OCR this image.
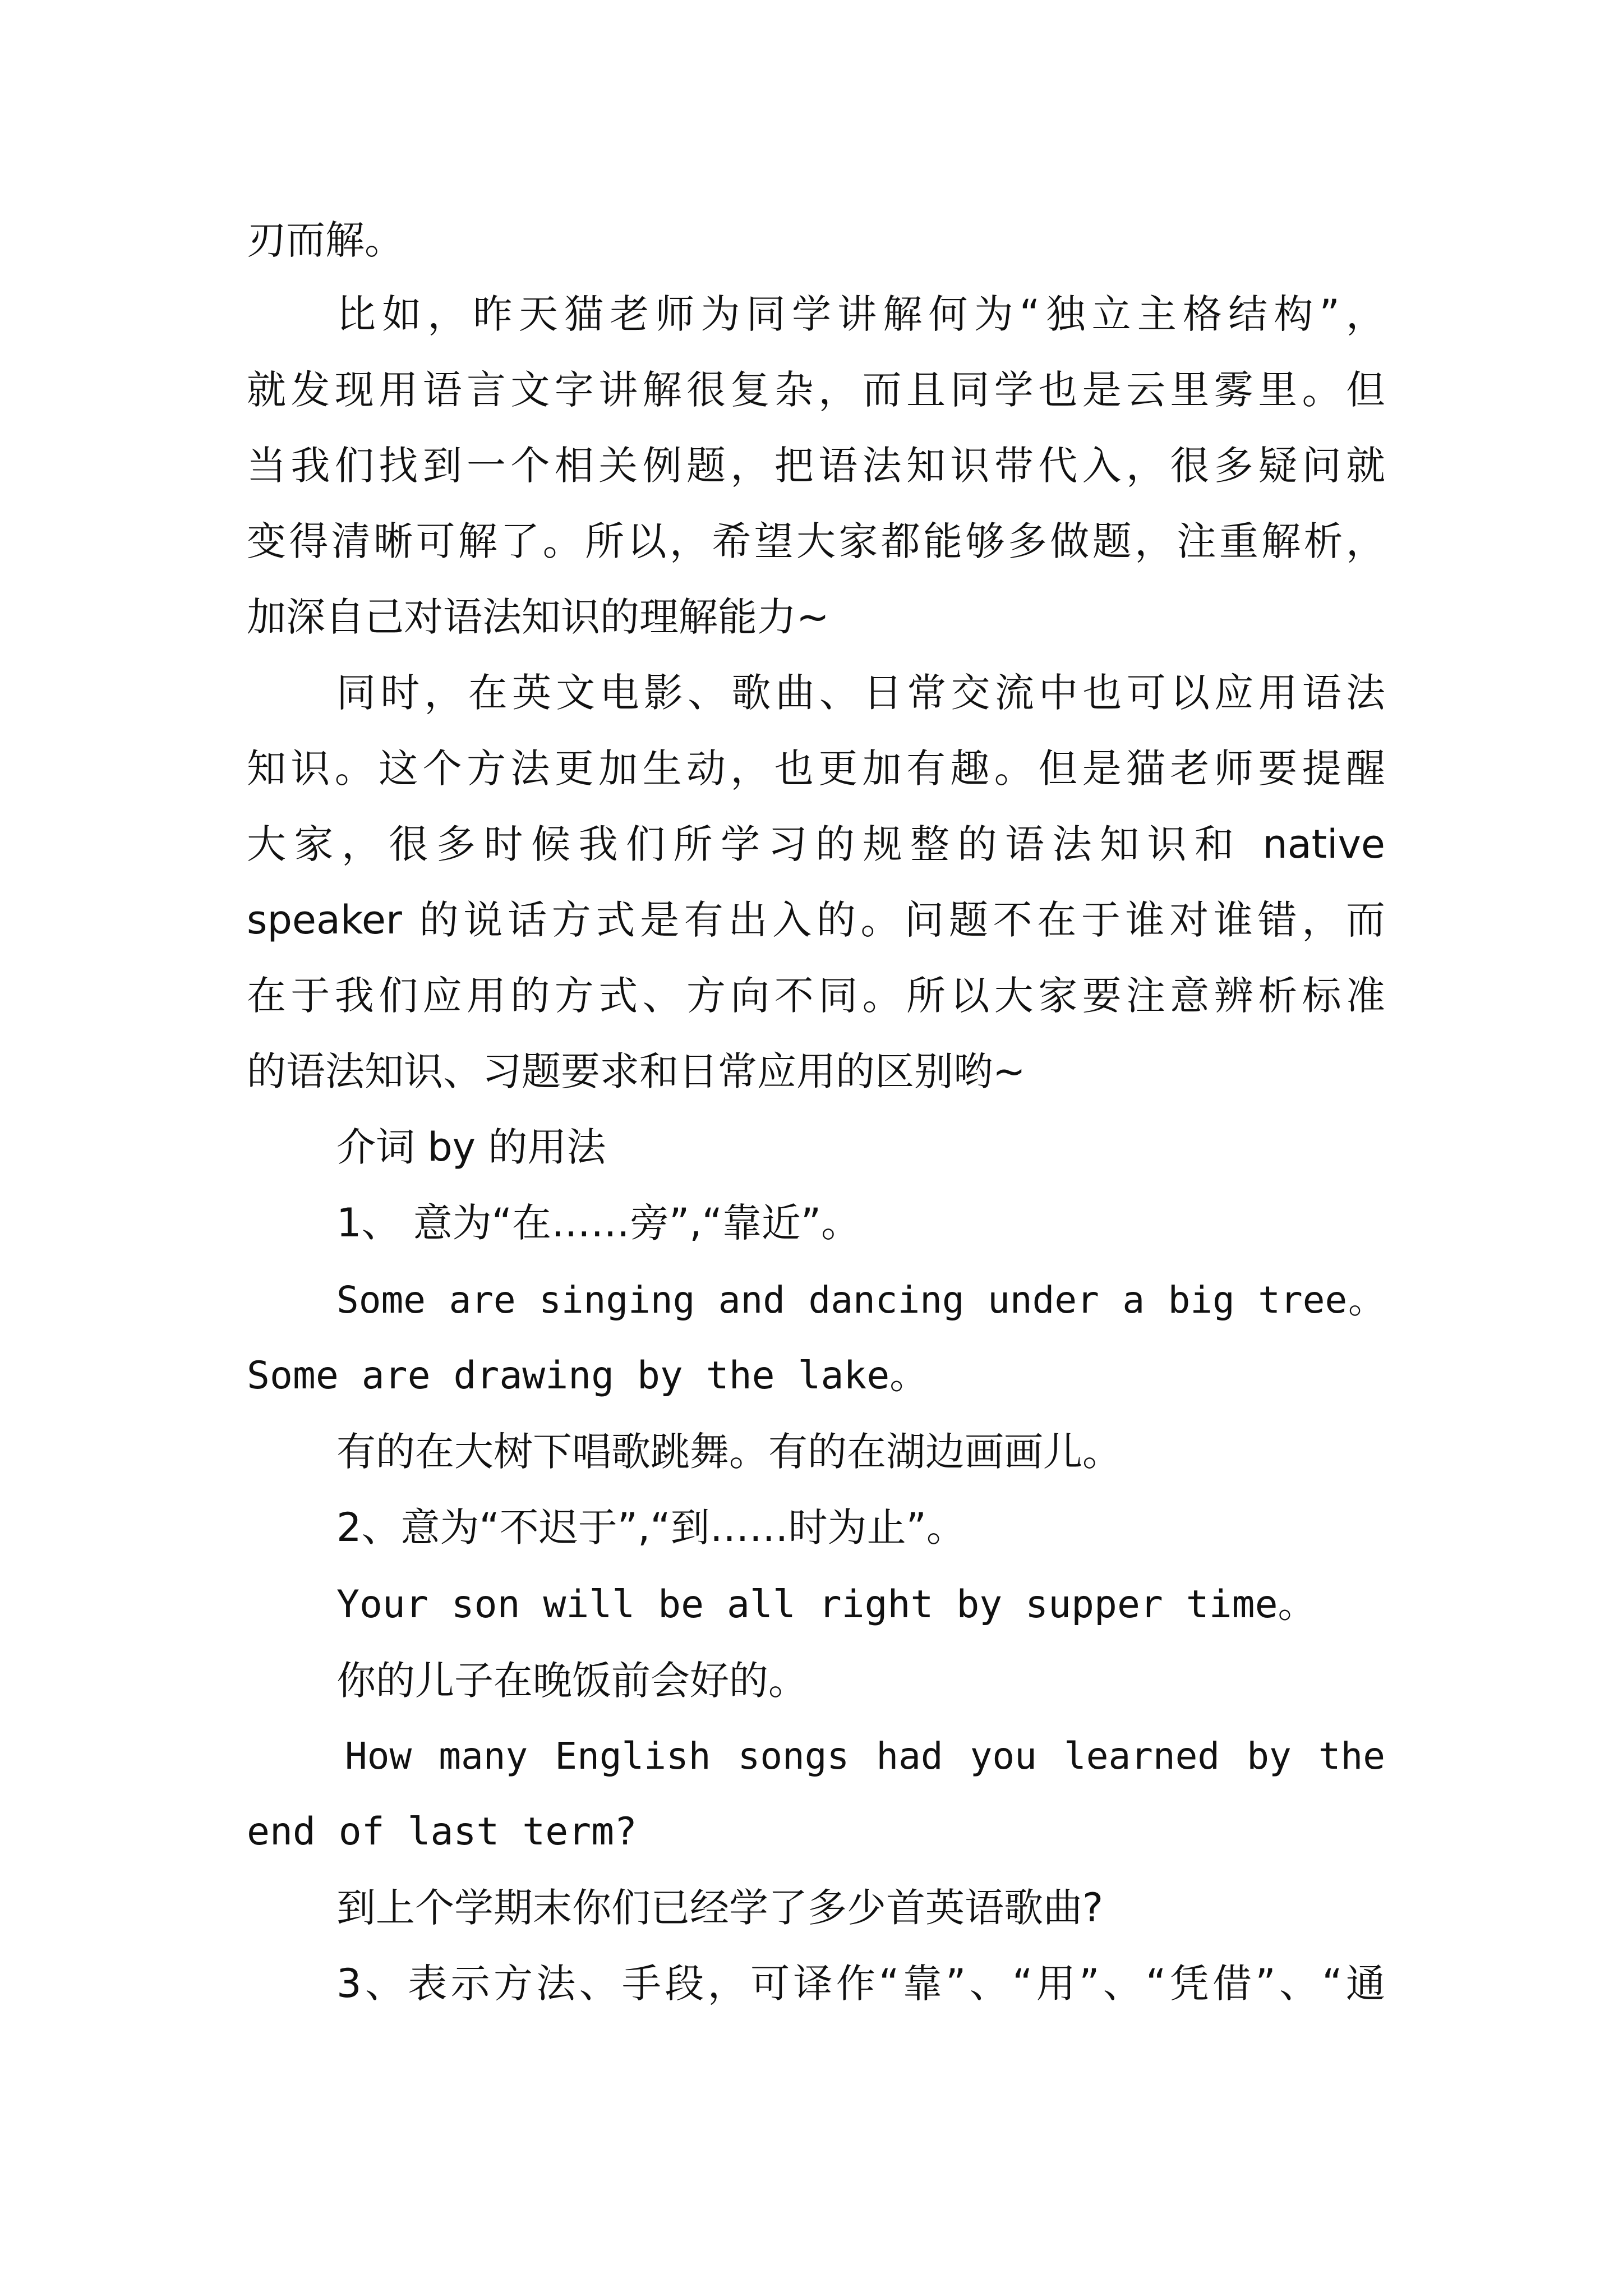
刃而解。
比如，昨天猫老师为同学讲解何为“独立主格结构”，
就发现用语言文字讲解很复杂，而且同学也是云里雾里。但
当我们找到一个相关例题，把语法知识带代入，很多疑问就
变得清晰可解了。所以，希望大家都能够多做题，注重解析，
加深自己对语法知识的理解能力~
同时，在英文电影、歌曲、日常交流中也可以应用语法
知识。这个方法更加生动，也更加有趣。但是猫老师要提醒
大家，很多时候我们所学习的规整的语法知识和 native
speaker 的说话方式是有出入的。问题不在于谁对谁错，而
在于我们应用的方式、方向不同。所以大家要注意辨析标准
的语法知识、习题要求和日常应用的区别哟~
介词 by 的用法
1、 意为“在……旁”,“靠近”。
Some are singing and dancing under a big tree。
Some are drawing by the lake。
有的在大树下唱歌跳舞。有的在湖边画画儿。
2、意为“不迟于”,“到……时为止”。
Your son will be all right by supper time。
你的儿子在晚饭前会好的。
How many English songs had you learned by the
end of last term?
到上个学期末你们已经学了多少首英语歌曲?
3、表示方法、手段，可译作“靠”、“用”、“凭借”、“通
